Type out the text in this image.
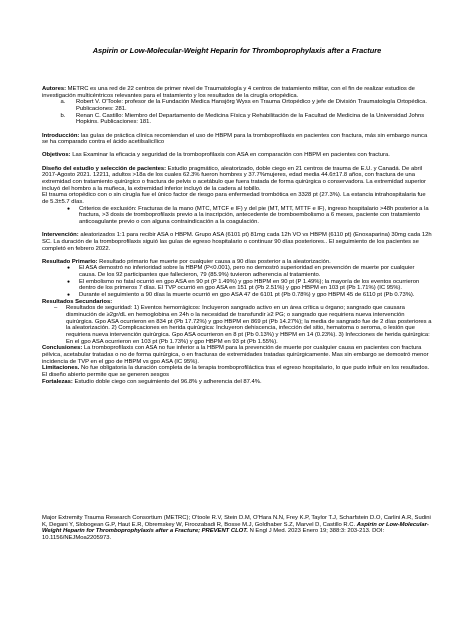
Aspirin or Low-Molecular-Weight Heparin for Thromboprophylaxis after a Fracture

Autores: METRC es una red de 22 centros de primer nivel de Traumatología y 4 centros de tratamiento militar, con el fin de realizar estudios de investigación multicéntricos relevantes para el tratamiento y los resultados de la cirugía ortopédica.

a. Robert V. O'Toole: profesor de la Fundación Medica Hansjörg Wyss en Trauma Ortopédico y jefe de División Traumatología Ortopédica. Publicaciones: 281.
b. Renan C. Castillo: Miembro del Departamento de Medicina Física y Rehabilitación de la Facultad de Medicina de la Universidad Johns Hopkins. Publicaciones: 181.

Introducción: las guías de práctica clínica recomiendan el uso de HBPM para la tromboprofilaxis en pacientes con fractura, más sin embargo nunca se ha comparado contra el ácido acetilsalicílico

Objetivos: Las Examinar la eficacia y seguridad de la tromboprofilaxis con ASA en comparación con HBPM en pacientes con fractura.

Diseño del estudio y selección de pacientes: Estudio pragmático, aleatorizado, doble ciego en 21 centros de trauma de E.U. y Canadá. De abril 2017-Agosto 2021. 12211, adultos >18a de los cuales 62.3% fueron hombres y 37.7%mujeres, edad media 44.6±17.8 años, con fractura de una extremidad con tratamiento quirúrgico o fractura de pelvis o acetábulo que fuera tratada de forma quirúrgica o conservadora. La extremidad superior incluyó del hombro a la muñeca, la extremidad inferior incluyó de la cadera al tobillo.

El trauma ortopédico con o sin cirugía fue el único factor de riesgo para enfermedad trombótica en 3328 pt (27.3%). La estancia intrahospitalaria fue de 5.3±5.7 días.

● Criterios de exclusión: Fracturas de la mano (MTC, MTCF e IF) y del pie (MT, MTT, MTTF e IF), ingreso hospitalario >48h posterior a la fractura, >3 dosis de tromboprofilaxis previo a la inscripción, antecedente de tromboembolismo a 6 meses, paciente con tratamiento anticoagulante previo o con alguna contraindicación a la coagulación.

Intervención: aleatorizados 1:1 para recibir ASA o HBPM. Grupo ASA (6101 pt) 81mg cada 12h VO vs HBPM (6110 pt) (Enoxaparina) 30mg cada 12h SC. La duración de la tromboprofilaxis siguió las guías de egreso hospitalario o continuar 90 días posteriores.. El seguimiento de los pacientes se completó en febrero 2022.

Resultado Primario: Resultado primario fue muerte por cualquier causa a 90 días posterior a la aleatorización.

● El ASA demostró no inferioridad sobre la HBPM (P<0.001), pero no demostró superioridad en prevención de muerte por cualquier causa. De los 92 participantes que fallecieron, 79 (85.9%) tuvieron adherencia al tratamiento.
● El embolismo no fatal ocurrió en gpo ASA en 90 pt (P 1.49%) y gpo HBPM en 90 pt (P 1.49%); la mayoría de los eventos ocurrieron dentro de los primeros 7 días. El TVP ocurrió en gpo ASA en 151 pt (Pb 2.51%) y gpo HBPM en 103 pt (Pb 1.71%) (IC 95%).
● Durante el seguimiento a 90 días la muerte ocurrió en gpo ASA 47 de 6101 pt (Pb 0.78%) y gpo HBPM 45 de 6110 pt (Pb 0.73%).

Resultados Secundarios:

– Resultados de seguridad: 1) Eventos hemorrágicos: Incluyeron sangrado activo en un área crítica u órgano; sangrado que causara disminución de ≥2gr/dL en hemoglobina en 24h o la necesidad de transfundir ≥2 PG; o sangrado que requiriera nueva intervención quirúrgica. Gpo ASA ocurrieron en 834 pt (Pb 17.72%) y gpo HBPM en 869 pt (Pb 14.27%); la media de sangrado fue de 2 días posteriores a la aleatorización. 2) Complicaciones en herida quirúrgica: Incluyeron dehiscencia, infección del sitio, hematoma o seroma, o lesión que requiriera nueva intervención quirúrgica. Gpo ASA ocurrieron en 8 pt (Pb 0.13%) y HBPM en 14 (0.23%). 3) Infecciones de herida quirúrgica: En el gpo ASA ocurrieron en 103 pt (Pb 1.73%) y gpo HBPM en 93 pt (Pb 1.55%).

Conclusiones: La tromboprofilaxis con ASA no fue inferior a la HBPM para la prevención de muerte por cualquier causa en pacientes con fractura pélvica, acetabular tratadas o no de forma quirúrgica, o en fracturas de extremidades tratadas quirúrgicamente. Mas sin embargo se demostró menor incidencia de TVP en el gpo de HBPM vs gpo ASA (IC 95%).

Limitaciones. No fue obligatoria la duración completa de la terapia tromboprofiláctica tras el egreso hospitalario, lo que pudo influir en los resultados. El diseño abierto permite que se generen sesgos

Fortalezas: Estudio doble ciego con seguimiento del 96.8% y adherencia del 87.4%.

Major Extremity Trauma Research Consortium (METRC); O'toole R.V, Stein D.M, O'Hara N.N, Frey K.P, Taylor T.J, Scharfstein D.O, Carlini A.R, Sudini K, Degani Y, Slobogean G.P, Haut E.R, Obremskey W, Firoozabadi R, Bosse M.J, Goldhaber S.Z, Marvel D, Castillo R.C. Aspirin or Low-Molecular-Weight Heparin for Thromboprophylaxis after a Fracture; PREVENT CLOT. N Engl J Med. 2023 Enero 19; 388:3: 203-213. DOI: 10.1156/NEJMoa2205973.
